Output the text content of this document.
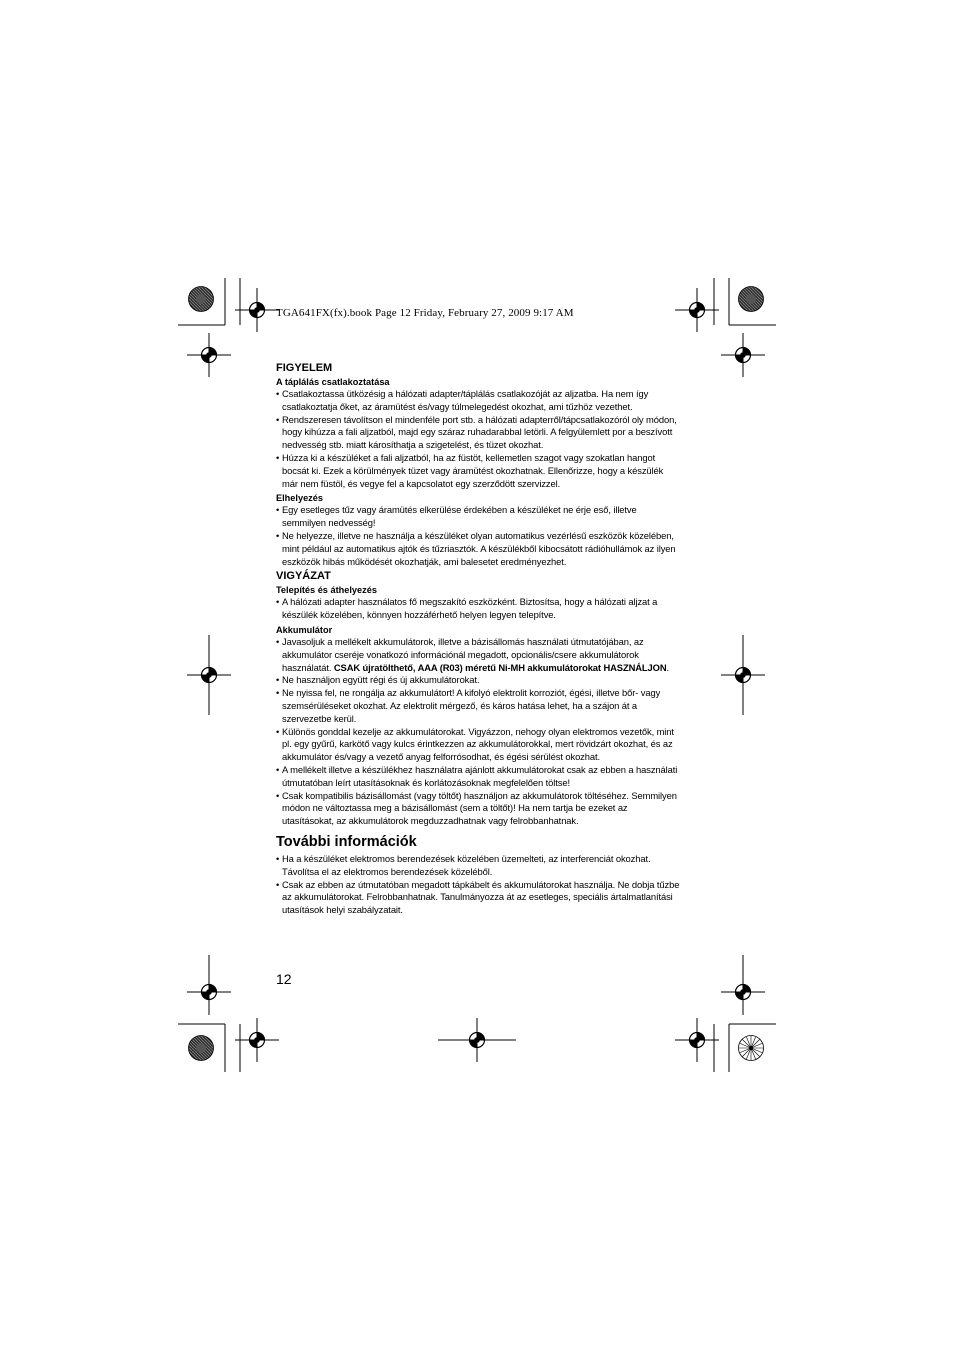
TGA641FX(fx).book Page 12 Friday, February 27, 2009 9:17 AM
FIGYELEM
A táplálás csatlakoztatása
• Csatlakoztassa ütközésig a hálózati adapter/táplálás csatlakozóját az aljzatba. Ha nem így csatlakoztatja őket, az áramütést és/vagy túlmelegedést okozhat, ami tűzhöz vezethet.
• Rendszeresen távolítson el mindenféle port stb. a hálózati adapterről/tápcsatlakozóról oly módon, hogy kihúzza a fali aljzatból, majd egy száraz ruhadarabbal letörli. A felgyülemlett por a beszívott nedvesség stb. miatt károsíthatja a szigetelést, és tüzet okozhat.
• Húzza ki a készüléket a fali aljzatból, ha az füstöt, kellemetlen szagot vagy szokatlan hangot bocsát ki. Ezek a körülmények tüzet vagy áramütést okozhatnak. Ellenőrizze, hogy a készülék már nem füstöl, és vegye fel a kapcsolatot egy szerződött szervizzel.
Elhelyezés
• Egy esetleges tűz vagy áramütés elkerülése érdekében a készüléket ne érje eső, illetve semmilyen nedvesség!
• Ne helyezze, illetve ne használja a készüléket olyan automatikus vezérlésű eszközök közelében, mint például az automatikus ajtók és tűzriasztók. A készülékből kibocsátott rádióhullámok az ilyen eszközök hibás működését okozhatják, ami balesetet eredményezhet.
VIGYÁZAT
Telepítés és áthelyezés
• A hálózati adapter használatos fő megszakító eszközként. Biztosítsa, hogy a hálózati aljzat a készülék közelében, könnyen hozzáférhető helyen legyen telepítve.
Akkumulátor
• Javasoljuk a mellékelt akkumulátorok, illetve a bázisállomás használati útmutatójában, az akkumulátor cseréje vonatkozó információnál megadott, opcionális/csere akkumulátorok használatát. CSAK újratölthető, AAA (R03) méretű Ni-MH akkumulátorokat HASZNÁLJON.
• Ne használjon együtt régi és új akkumulátorokat.
• Ne nyissa fel, ne rongálja az akkumulátort! A kifolyó elektrolit korroziót, égési, illetve bőr- vagy szemsérüléseket okozhat. Az elektrolit mérgező, és káros hatása lehet, ha a szájon át a szervezetbe kerül.
• Különös gonddal kezelje az akkumulátorokat. Vigyázzon, nehogy olyan elektromos vezetők, mint pl. egy gyűrű, karkötő vagy kulcs érintkezzen az akkumulátorokkal, mert rövidzárt okozhat, és az akkumulátor és/vagy a vezető anyag felforrósodhat, és égési sérülést okozhat.
• A mellékelt illetve a készülékhez használatra ajánlott akkumulátorokat csak az ebben a használati útmutatóban leírt utasításoknak és korlátozásoknak megfelelően töltse!
• Csak kompatibilis bázisállomást (vagy töltőt) használjon az akkumulátorok töltéséhez. Semmilyen módon ne változtassa meg a bázisállomást (sem a töltőt)! Ha nem tartja be ezeket az utasításokat, az akkumulátorok megduzzadhatnak vagy felrobbanhatnak.
További információk
• Ha a készüléket elektromos berendezések közelében üzemelteti, az interferenciát okozhat. Távolítsa el az elektromos berendezések közeléből.
• Csak az ebben az útmutatóban megadott tápkábelt és akkumulátorokat használja. Ne dobja tűzbe az akkumulátorokat. Felrobbanhatnak. Tanulmányozza át az esetleges, speciális ártalmatlanítási utasítások helyi szabályzatait.
12
